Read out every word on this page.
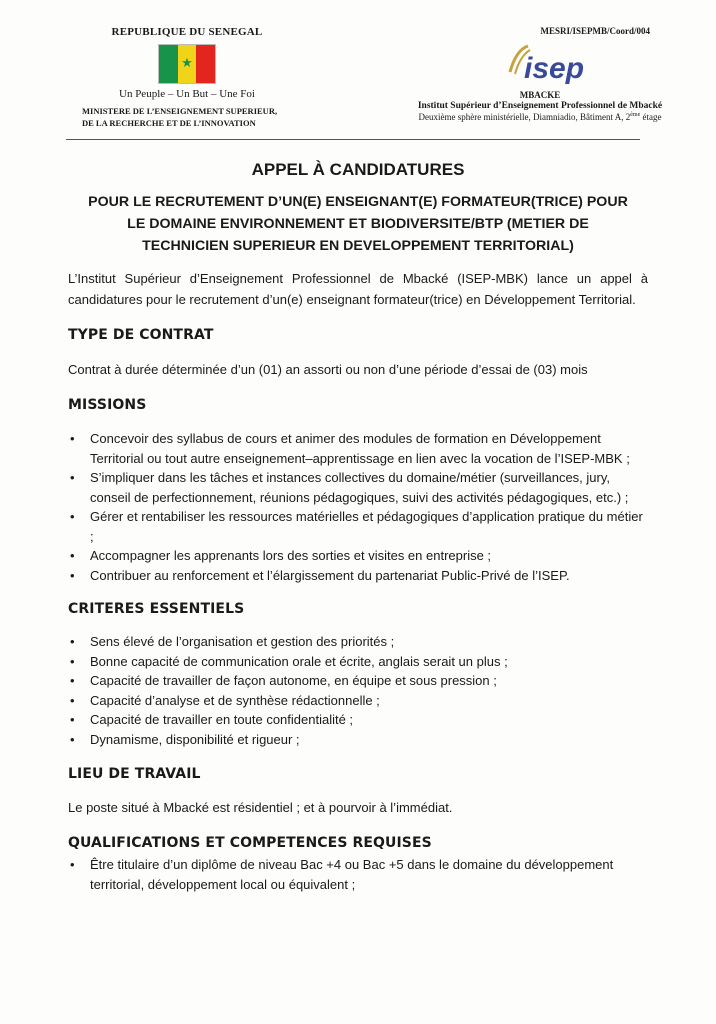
REPUBLIQUE DU SENEGAL
★
Un Peuple – Un But – Une Foi
MINISTERE DE L’ENSEIGNEMENT SUPERIEUR,
DE LA RECHERCHE ET DE L’INNOVATION
MESRI/ISEPMB/Coord/004
isep
MBACKE
Institut Supérieur d’Enseignement Professionnel de Mbacké
Deuxième sphère ministérielle, Diamniadio, Bâtiment A, 2ème étage
APPEL À CANDIDATURES
POUR LE RECRUTEMENT D’UN(E) ENSEIGNANT(E) FORMATEUR(TRICE) POUR
LE DOMAINE ENVIRONNEMENT ET BIODIVERSITE/BTP (METIER DE
TECHNICIEN SUPERIEUR EN DEVELOPPEMENT TERRITORIAL)

L’Institut Supérieur d’Enseignement Professionnel de Mbacké (ISEP-MBK) lance un appel à candidatures pour le recrutement d’un(e) enseignant formateur(trice) en Développement Territorial.

TYPE DE CONTRAT

Contrat à durée déterminée d’un (01) an assorti ou non d’une période d’essai de (03) mois

MISSIONS
• Concevoir des syllabus de cours et animer des modules de formation en Développement Territorial ou tout autre enseignement–apprentissage en lien avec la vocation de l’ISEP-MBK ;
• S’impliquer dans les tâches et instances collectives du domaine/métier (surveillances, jury, conseil de perfectionnement, réunions pédagogiques, suivi des activités pédagogiques, etc.) ;
• Gérer et rentabiliser les ressources matérielles et pédagogiques d’application pratique du métier ;
• Accompagner les apprenants lors des sorties et visites en entreprise ;
• Contribuer au renforcement et l’élargissement du partenariat Public-Privé de l’ISEP.
CRITERES ESSENTIELS
• Sens élevé de l’organisation et gestion des priorités ;
• Bonne capacité de communication orale et écrite, anglais serait un plus ;
• Capacité de travailler de façon autonome, en équipe et sous pression ;
• Capacité d’analyse et de synthèse rédactionnelle ;
• Capacité de travailler en toute confidentialité ;
• Dynamisme, disponibilité et rigueur ;
LIEU DE TRAVAIL

Le poste situé à Mbacké est résidentiel ; et à pourvoir à l’immédiat.

QUALIFICATIONS ET COMPETENCES REQUISES
• Être titulaire d’un diplôme de niveau Bac +4 ou Bac +5 dans le domaine du développement territorial, développement local ou équivalent ;
